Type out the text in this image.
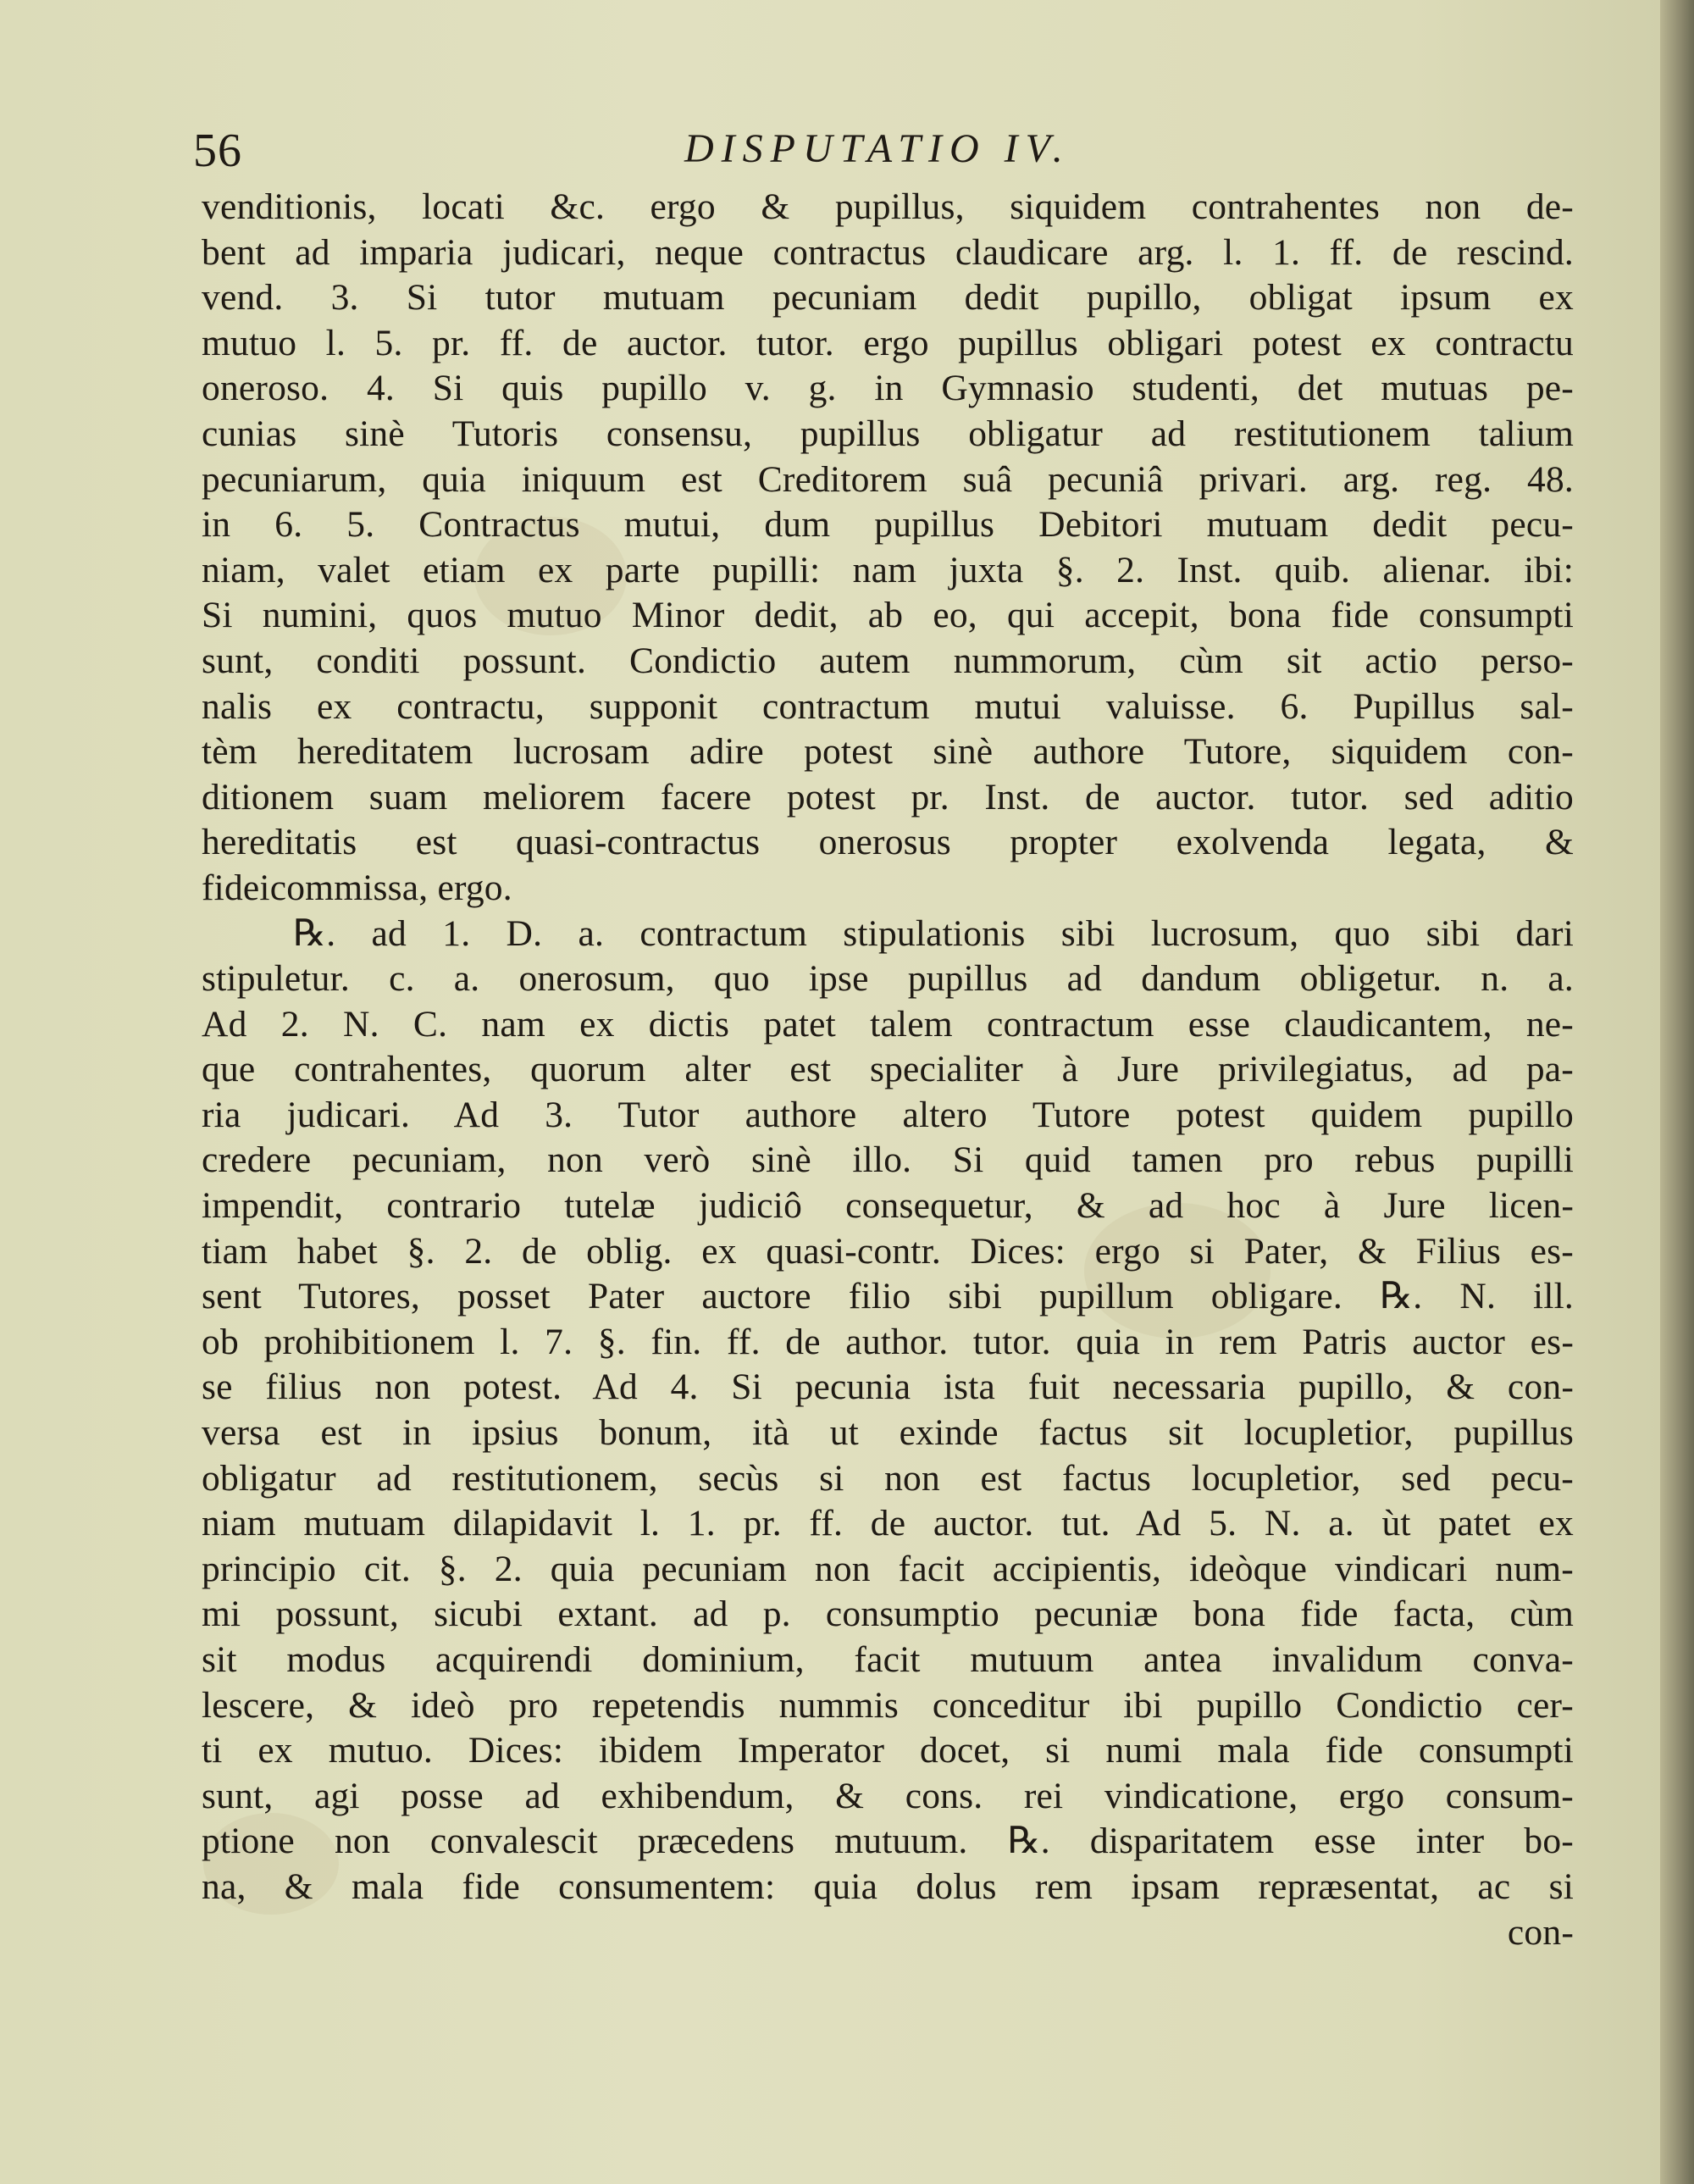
56	DISPUTATIO IV.
venditionis, locati &c. ergo & pupillus, siquidem contrahentes non de-
bent ad imparia judicari, neque contractus claudicare arg. l. 1. ff. de rescind.
vend. 3. Si tutor mutuam pecuniam dedit pupillo, obligat ipsum ex
mutuo l. 5. pr. ff. de auctor. tutor. ergo pupillus obligari potest ex contractu
oneroso. 4. Si quis pupillo v. g. in Gymnasio studenti, det mutuas pe-
cunias sinè Tutoris consensu, pupillus obligatur ad restitutionem talium
pecuniarum, quia iniquum est Creditorem suâ pecuniâ privari. arg. reg. 48.
in 6. 5. Contractus mutui, dum pupillus Debitori mutuam dedit pecu-
niam, valet etiam ex parte pupilli: nam juxta §. 2. Inst. quib. alienar. ibi:
Si numini, quos mutuo Minor dedit, ab eo, qui accepit, bona fide consumpti
sunt, conditi possunt. Condictio autem nummorum, cùm sit actio perso-
nalis ex contractu, supponit contractum mutui valuisse. 6. Pupillus sal-
tèm hereditatem lucrosam adire potest sinè authore Tutore, siquidem con-
ditionem suam meliorem facere potest pr. Inst. de auctor. tutor. sed aditio
hereditatis est quasi-contractus onerosus propter exolvenda legata, &
fideicommissa, ergo.
℞. ad 1. D. a. contractum stipulationis sibi lucrosum, quo sibi dari
stipuletur. c. a. onerosum, quo ipse pupillus ad dandum obligetur. n. a.
Ad 2. N. C. nam ex dictis patet talem contractum esse claudicantem, ne-
que contrahentes, quorum alter est specialiter à Jure privilegiatus, ad pa-
ria judicari. Ad 3. Tutor authore altero Tutore potest quidem pupillo
credere pecuniam, non verò sinè illo. Si quid tamen pro rebus pupilli
impendit, contrario tutelæ judiciô consequetur, & ad hoc à Jure licen-
tiam habet §. 2. de oblig. ex quasi-contr. Dices: ergo si Pater, & Filius es-
sent Tutores, posset Pater auctore filio sibi pupillum obligare. ℞. N. ill.
ob prohibitionem l. 7. §. fin. ff. de author. tutor. quia in rem Patris auctor es-
se filius non potest. Ad 4. Si pecunia ista fuit necessaria pupillo, & con-
versa est in ipsius bonum, ità ut exinde factus sit locupletior, pupillus
obligatur ad restitutionem, secùs si non est factus locupletior, sed pecu-
niam mutuam dilapidavit l. 1. pr. ff. de auctor. tut. Ad 5. N. a. ùt patet ex
principio cit. §. 2. quia pecuniam non facit accipientis, ideòque vindicari num-
mi possunt, sicubi extant. ad p. consumptio pecuniæ bona fide facta, cùm
sit modus acquirendi dominium, facit mutuum antea invalidum conva-
lescere, & ideò pro repetendis nummis conceditur ibi pupillo Condictio cer-
ti ex mutuo. Dices: ibidem Imperator docet, si numi mala fide consumpti
sunt, agi posse ad exhibendum, & cons. rei vindicatione, ergo consum-
ptione non convalescit præcedens mutuum. ℞. disparitatem esse inter bo-
na, & mala fide consumentem: quia dolus rem ipsam repræsentat, ac si
con-
